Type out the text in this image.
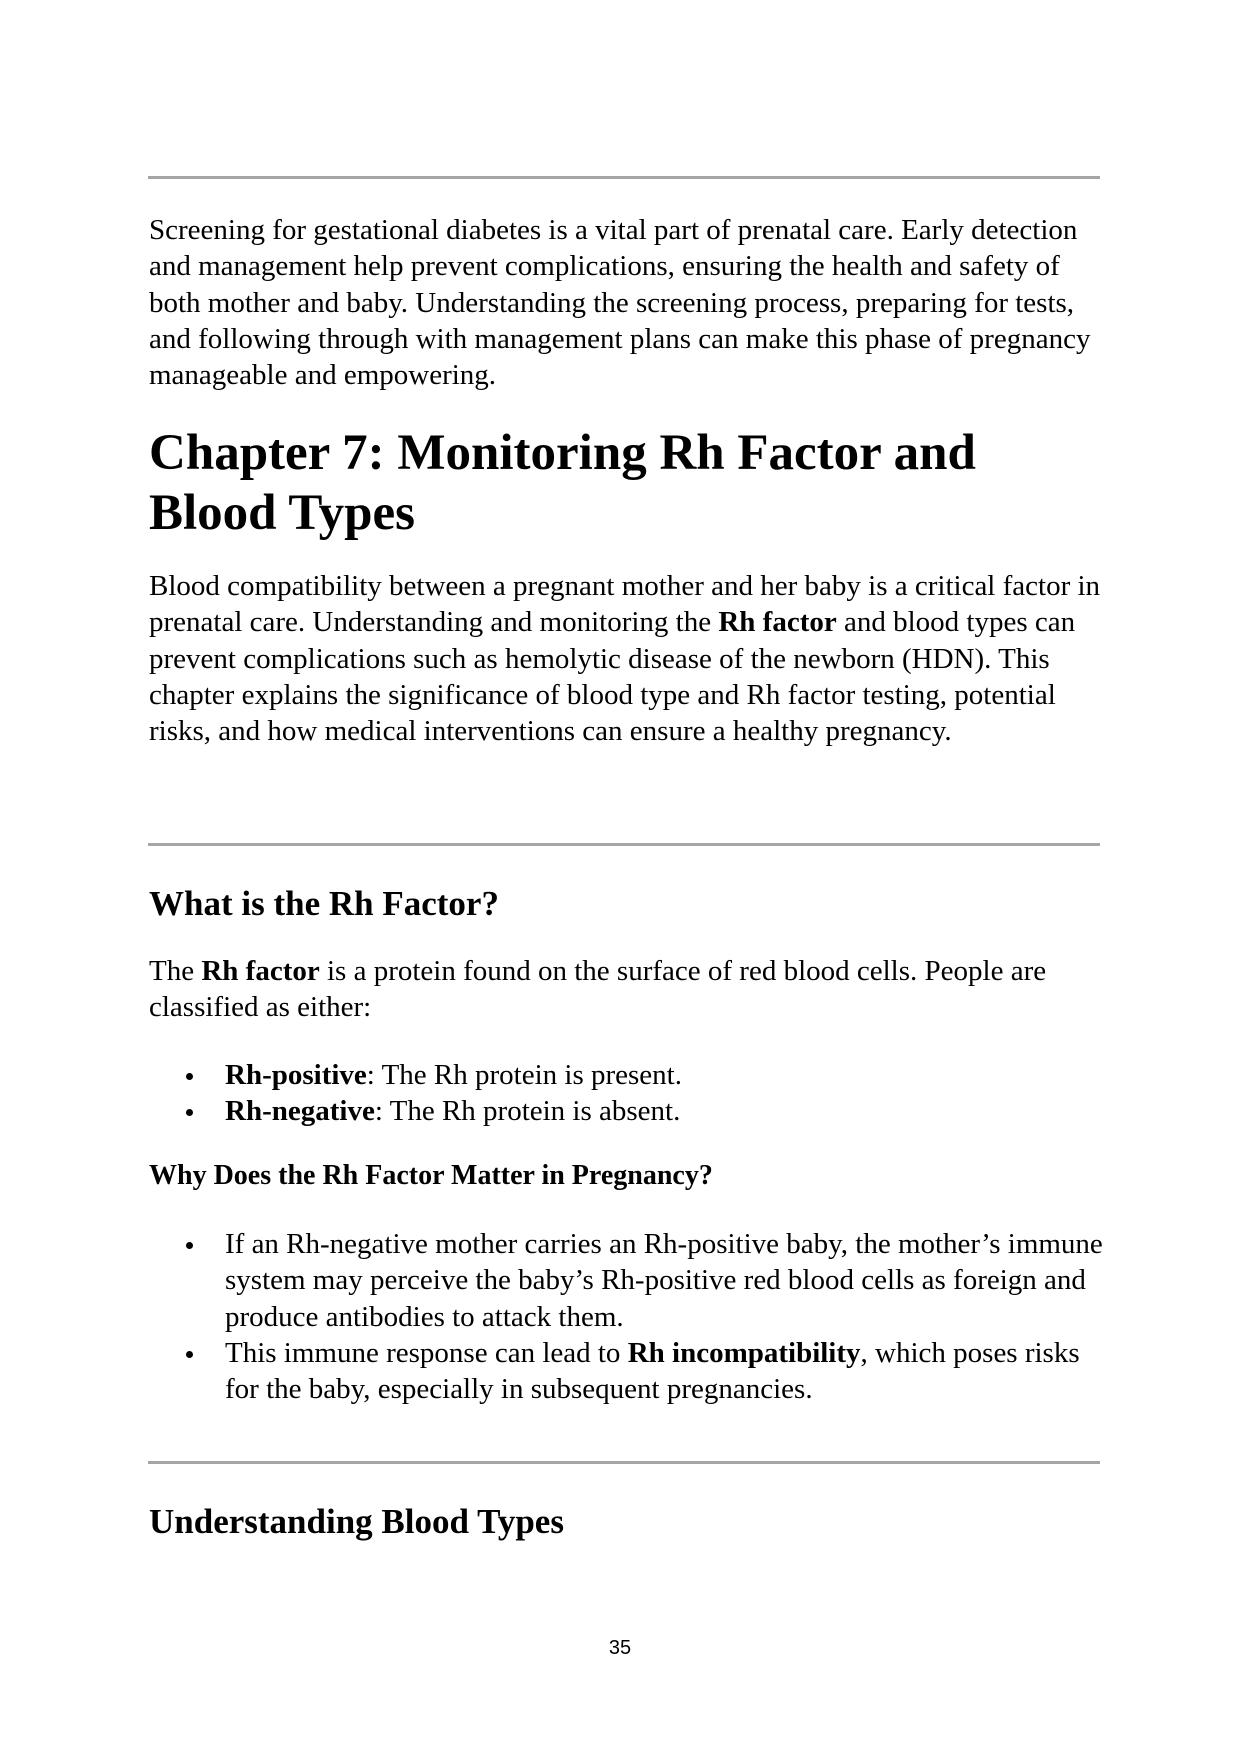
Screening for gestational diabetes is a vital part of prenatal care. Early detection and management help prevent complications, ensuring the health and safety of both mother and baby. Understanding the screening process, preparing for tests, and following through with management plans can make this phase of pregnancy manageable and empowering.

Chapter 7: Monitoring Rh Factor and
Blood Types

Blood compatibility between a pregnant mother and her baby is a critical factor in prenatal care. Understanding and monitoring the Rh factor and blood types can prevent complications such as hemolytic disease of the newborn (HDN). This chapter explains the significance of blood type and Rh factor testing, potential risks, and how medical interventions can ensure a healthy pregnancy.

What is the Rh Factor?

The Rh factor is a protein found on the surface of red blood cells. People are classified as either:

Rh-positive: The Rh protein is present.
Rh-negative: The Rh protein is absent.
Why Does the Rh Factor Matter in Pregnancy?
If an Rh-negative mother carries an Rh-positive baby, the mother’s immune system may perceive the baby’s Rh-positive red blood cells as foreign and produce antibodies to attack them.
This immune response can lead to Rh incompatibility, which poses risks for the baby, especially in subsequent pregnancies.
Understanding Blood Types
35
